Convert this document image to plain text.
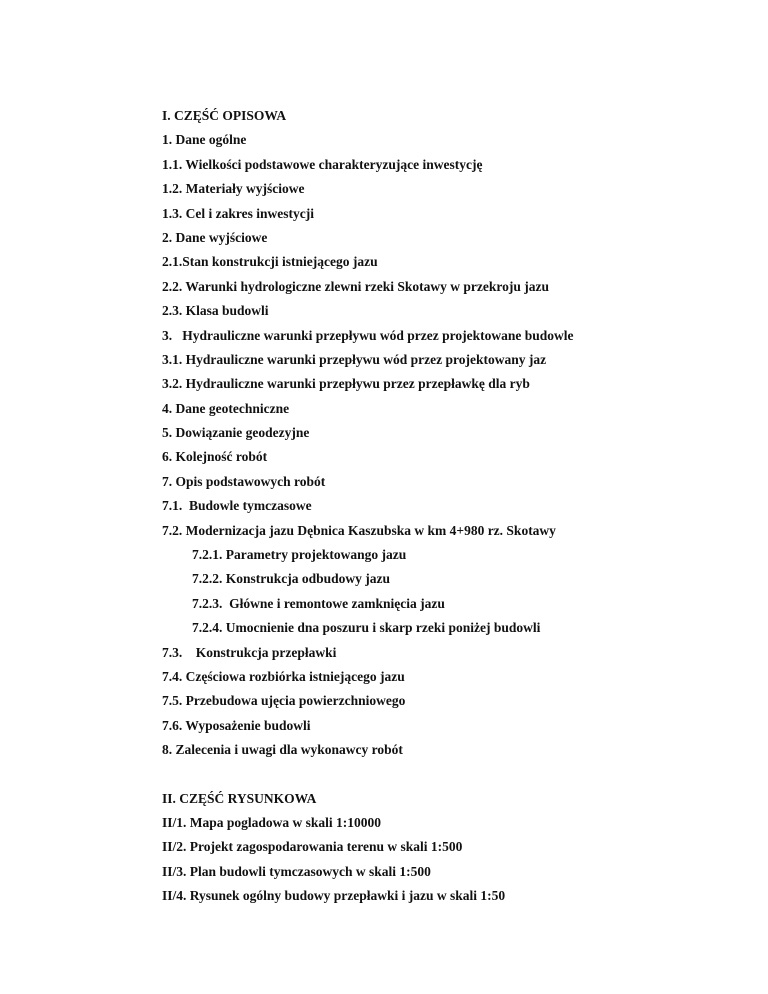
I. CZĘŚĆ OPISOWA
1. Dane ogólne
1.1. Wielkości podstawowe charakteryzujące inwestycję
1.2. Materiały wyjściowe
1.3. Cel i zakres inwestycji
2. Dane wyjściowe
2.1.Stan konstrukcji istniejącego jazu
2.2. Warunki hydrologiczne zlewni rzeki Skotawy w przekroju jazu
2.3. Klasa budowli
3.   Hydrauliczne warunki przepływu wód przez projektowane budowle
3.1. Hydrauliczne warunki przepływu wód przez projektowany jaz
3.2. Hydrauliczne warunki przepływu przez przepławkę dla ryb
4. Dane geotechniczne
5. Dowiązanie geodezyjne
6. Kolejność robót
7. Opis podstawowych robót
7.1.  Budowle tymczasowe
7.2. Modernizacja jazu Dębnica Kaszubska w km 4+980 rz. Skotawy
7.2.1. Parametry projektowango jazu
7.2.2. Konstrukcja odbudowy jazu
7.2.3.  Główne i remontowe zamknięcia jazu
7.2.4. Umocnienie dna poszuru i skarp rzeki poniżej budowli
7.3.    Konstrukcja przepławki
7.4. Częściowa rozbiórka istniejącego jazu
7.5. Przebudowa ujęcia powierzchniowego
7.6. Wyposażenie budowli
8. Zalecenia i uwagi dla wykonawcy robót
II. CZĘŚĆ RYSUNKOWA
II/1. Mapa pogladowa w skali 1:10000
II/2. Projekt zagospodarowania terenu w skali 1:500
II/3. Plan budowli tymczasowych w skali 1:500
II/4. Rysunek ogólny budowy przepławki i jazu w skali 1:50
